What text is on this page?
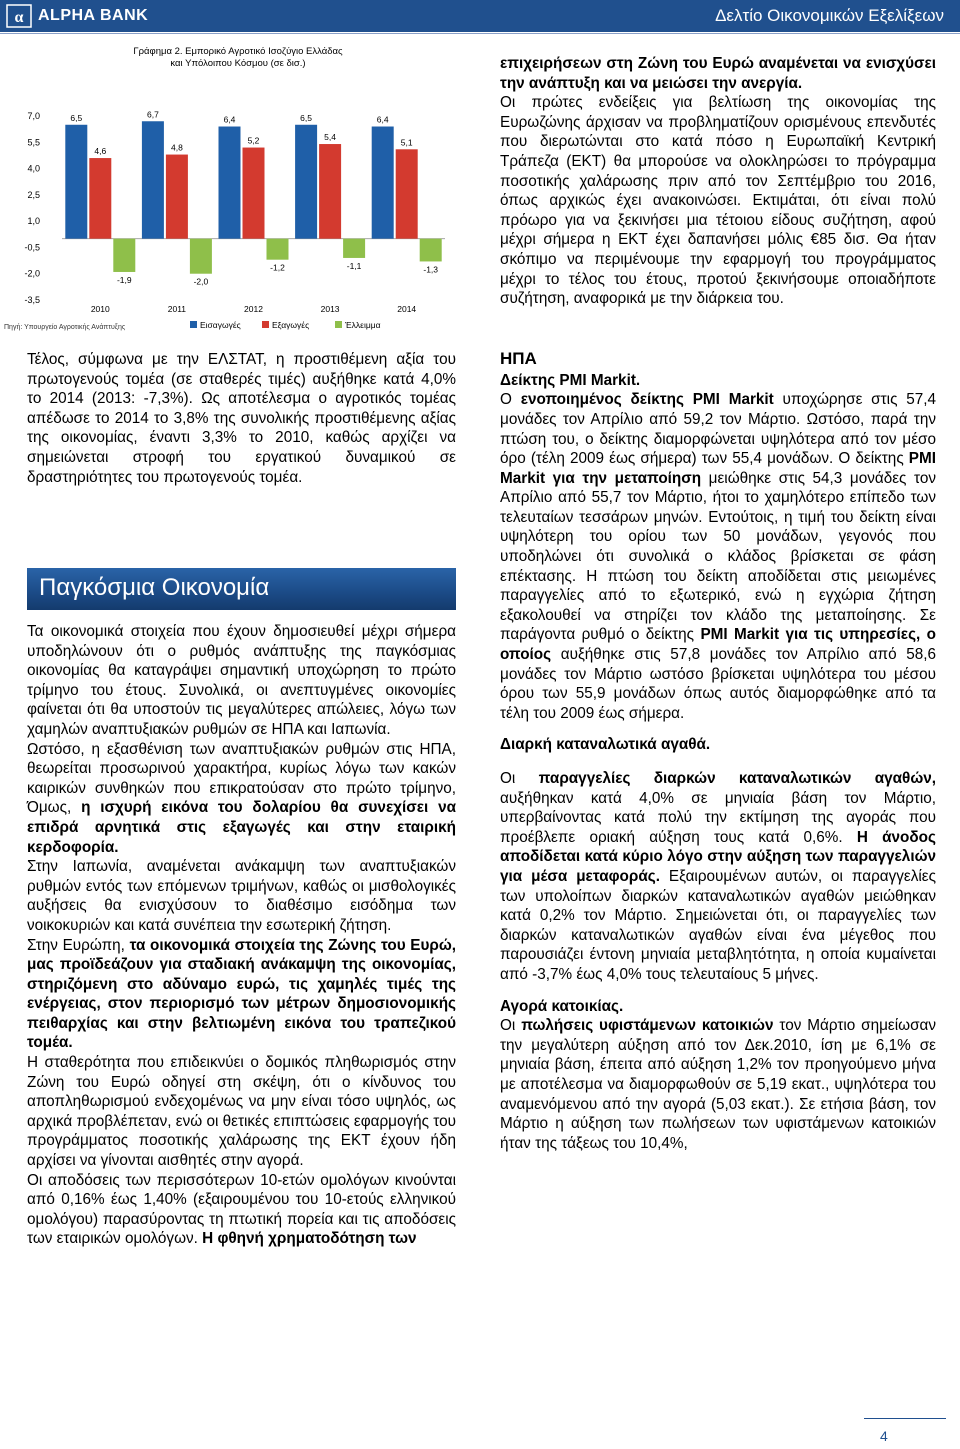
α ALPHA BANK	Δελτίο Οικονομικών Εξελίξεων
Γράφημα 2. Εμπορικό Αγροτικό Ισοζύγιο Ελλάδας
και Υπόλοιπου Κόσμου (σε δισ.)
7,0
5,5
4,0
2,5
1,0
-0,5
-2,0
-3,5
6,5	6,7
6,4	6,5	6,4
4,6	4,8
5,2	5,4
5,1
-1,9	-2,0
-1,2	-1,1	-1,3
2010	2011	2012	2013	2014
Εισαγωγές	Εξαγωγές	Έλλειμμα
Πηγή: Υπουργείο Αγροτικής Ανάπτυξης

Τέλος, σύμφωνα με την ΕΛΣΤΑΤ, η προστιθέμενη αξία του πρωτογενούς τομέα (σε σταθερές τιμές) αυξήθηκε κατά 4,0% το 2014 (2013: -7,3%). Ως αποτέλεσμα ο αγροτικός τομέας απέδωσε το 2014 το 3,8% της συνολικής προστιθέμενης αξίας της οικονομίας, έναντι 3,3% το 2010, καθώς αρχίζει να σημειώνεται στροφή του εργατικού δυναμικού σε δραστηριότητες του πρωτογενούς τομέα.

Παγκόσμια Οικονομία

Τα οικονομικά στοιχεία που έχουν δημοσιευθεί μέχρι σήμερα υποδηλώνουν ότι ο ρυθμός ανάπτυξης της παγκόσμιας οικονομίας θα καταγράψει σημαντική υποχώρηση το πρώτο τρίμηνο του έτους. Συνολικά, οι ανεπτυγμένες οικονομίες φαίνεται ότι θα υποστούν τις μεγαλύτερες απώλειες, λόγω των χαμηλών αναπτυξιακών ρυθμών σε ΗΠΑ και Ιαπωνία.

Ωστόσο, η εξασθένιση των αναπτυξιακών ρυθμών στις ΗΠΑ, θεωρείται προσωρινού χαρακτήρα, κυρίως λόγω των κακών καιρικών συνθηκών που επικρατούσαν στο πρώτο τρίμηνο, Όμως, η ισχυρή εικόνα του δολαρίου θα συνεχίσει να επιδρά αρνητικά στις εξαγωγές και στην εταιρική κερδοφορία.

Στην Ιαπωνία, αναμένεται ανάκαμψη των αναπτυξιακών ρυθμών εντός των επόμενων τριμήνων, καθώς οι μισθολογικές αυξήσεις θα ενισχύσουν το διαθέσιμο εισόδημα των νοικοκυριών και κατά συνέπεια την εσωτερική ζήτηση.

Στην Ευρώπη, τα οικονομικά στοιχεία της Ζώνης του Ευρώ, μας προϊδεάζουν για σταδιακή ανάκαμψη της οικονομίας, στηριζόμενη στο αδύναμο ευρώ, τις χαμηλές τιμές της ενέργειας, στον περιορισμό των μέτρων δημοσιονομικής πειθαρχίας και στην βελτιωμένη εικόνα του τραπεζικού τομέα.

Η σταθερότητα που επιδεικνύει ο δομικός πληθωρισμός στην Ζώνη του Ευρώ οδηγεί στη σκέψη, ότι ο κίνδυνος του αποπληθωρισμού ενδεχομένως να μην είναι τόσο υψηλός, ως αρχικά προβλέπεταν, ενώ οι θετικές επιπτώσεις εφαρμογής του προγράμματος ποσοτικής χαλάρωσης της ΕΚΤ έχουν ήδη αρχίσει να γίνονται αισθητές στην αγορά.

Οι αποδόσεις των περισσότερων 10-ετών ομολόγων κινούνται από 0,16% έως 1,40% (εξαιρουμένου του 10-ετούς ελληνικού ομολόγου) παρασύροντας τη πτωτική πορεία και τις αποδόσεις των εταιρικών ομολόγων. Η φθηνή χρηματοδότηση των

επιχειρήσεων στη Ζώνη του Ευρώ αναμένεται να ενισχύσει την ανάπτυξη και να μειώσει την ανεργία.

Οι πρώτες ενδείξεις για βελτίωση της οικονομίας της Ευρωζώνης άρχισαν να προβληματίζουν ορισμένους επενδυτές που διερωτώνται στο κατά πόσο η Ευρωπαϊκή Κεντρική Τράπεζα (ΕΚΤ) θα μπορούσε να ολοκληρώσει το πρόγραμμα ποσοτικής χαλάρωσης πριν από τον Σεπτέμβριο του 2016, όπως αρχικώς έχει ανακοινώσει. Εκτιμάται, ότι είναι πολύ πρόωρο για να ξεκινήσει μια τέτοιου είδους συζήτηση, αφού μέχρι σήμερα η ΕΚΤ έχει δαπανήσει μόλις €85 δισ. Θα ήταν σκόπιμο να περιμένουμε την εφαρμογή του προγράμματος μέχρι το τέλος του έτους, προτού ξεκινήσουμε οποιαδήποτε συζήτηση, αναφορικά με την διάρκεια του.

ΗΠΑ

Δείκτης PMI Markit.

Ο ενοποιημένος δείκτης PMI Markit υποχώρησε στις 57,4 μονάδες τον Απρίλιο από 59,2 τον Μάρτιο. Ωστόσο, παρά την πτώση του, ο δείκτης διαμορφώνεται υψηλότερα από τον μέσο όρο (τέλη 2009 έως σήμερα) των 55,4 μονάδων. Ο δείκτης PMI Markit για την μεταποίηση μειώθηκε στις 54,3 μονάδες τον Απρίλιο από 55,7 τον Μάρτιο, ήτοι το χαμηλότερο επίπεδο των τελευταίων τεσσάρων μηνών. Εντούτοις, η τιμή του δείκτη είναι υψηλότερη του ορίου των 50 μονάδων, γεγονός που υποδηλώνει ότι συνολικά ο κλάδος βρίσκεται σε φάση επέκτασης. Η πτώση του δείκτη αποδίδεται στις μειωμένες παραγγελίες από το εξωτερικό, ενώ η εγχώρια ζήτηση εξακολουθεί να στηρίζει τον κλάδο της μεταποίησης. Σε παράγοντα ρυθμό ο δείκτης PMI Markit για τις υπηρεσίες, ο οποίος αυξήθηκε στις 57,8 μονάδες τον Απρίλιο από 58,6 μονάδες τον Μάρτιο ωστόσο βρίσκεται υψηλότερα του μέσου όρου των 55,9 μονάδων όπως αυτός διαμορφώθηκε από τα τέλη του 2009 έως σήμερα.

Διαρκή καταναλωτικά αγαθά.

Οι παραγγελίες διαρκών καταναλωτικών αγαθών, αυξήθηκαν κατά 4,0% σε μηνιαία βάση τον Μάρτιο, υπερβαίνοντας κατά πολύ την εκτίμηση της αγοράς που προέβλεπε οριακή αύξηση τους κατά 0,6%. Η άνοδος αποδίδεται κατά κύριο λόγο στην αύξηση των παραγγελιών για μέσα μεταφοράς. Εξαιρουμένων αυτών, οι παραγγελίες των υπολοίπων διαρκών καταναλωτικών αγαθών μειώθηκαν κατά 0,2% τον Μάρτιο. Σημειώνεται ότι, οι παραγγελίες των διαρκών καταναλωτικών αγαθών είναι ένα μέγεθος που παρουσιάζει έντονη μηνιαία μεταβλητότητα, η οποία κυμαίνεται από -3,7% έως 4,0% τους τελευταίους 5 μήνες.

Αγορά κατοικίας.

Οι πωλήσεις υφιστάμενων κατοικιών τον Μάρτιο σημείωσαν την μεγαλύτερη αύξηση από τον Δεκ.2010, ίση με 6,1% σε μηνιαία βάση, έπειτα από αύξηση 1,2% τον προηγούμενο μήνα με αποτέλεσμα να διαμορφωθούν σε 5,19 εκατ., υψηλότερα του αναμενόμενου από την αγορά (5,03 εκατ.). Σε ετήσια βάση, τον Μάρτιο η αύξηση των πωλήσεων των υφιστάμενων κατοικιών ήταν της τάξεως του 10,4%,

4
